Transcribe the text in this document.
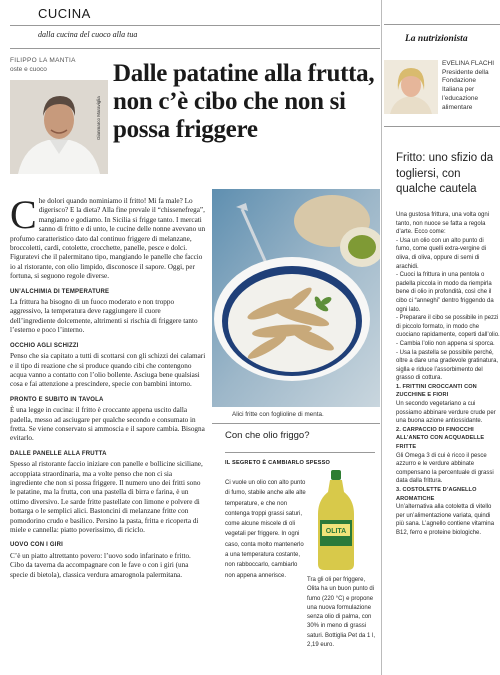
CUCINA
dalla cucina del cuoco alla tua
FILIPPO LA MANTIA
oste e cuoco
Gianmarco Maraviglia
Dalle patatine alla frutta, non c’è cibo che non si possa friggere
La nutrizionista
EVELINA FLACHI
Presidente della Fondazione Italiana per l’educazione alimentare
Fritto: uno sfizio da togliersi, con qualche cautela

Una gustosa frittura, una volta ogni tanto, non nuoce se fatta a regola d’arte. Ecco come:

- Usa un olio con un alto punto di fumo, come quelli extra-vergine di oliva, di oliva, oppure di semi di arachidi.

- Cuoci la frittura in una pentola o padella piccola in modo da riempirla bene di olio in profondità, così che il cibo ci “anneghi” dentro friggendo da ogni lato.

- Preparare il cibo se possibile in pezzi di piccolo formato, in modo che cuociano rapidamente, coperti dall’olio.

- Cambia l’olio non appena si sporca.

- Usa la pastella se possibile perché, oltre a dare una gradevole gratinatura, siglla e riduce l’assorbimento del grasso di cottura.

1. FRITTINI CROCCANTI CON ZUCCHINE E FIORI

Un secondo vegetariano a cui possiamo abbinare verdure crude per una buona azione antiossidante.

2. CARPACCIO DI FINOCCHI ALL’ANETO CON ACQUADELLE FRITTE

Gli Omega 3 di cui è ricco il pesce azzurro e le verdure abbinate compensano la percentuale di grassi data dalla frittura.

3. COSTOLETTE D’AGNELLO AROMATICHE

Un’alternativa alla cotoletta di vitello per un’alimentazione variata, quindi più sana. L’agnello contiene vitamina B12, ferro e proteine biologiche.

Che dolori quando nominiamo il fritto! Mi fa male? Lo digerisco? E la dieta? Alla fine prevale il “chissenefrega”, mangiamo e godiamo. In Sicilia si frigge tanto. I mercati sanno di fritto e di unto, le cucine delle nonne avevano un profumo caratteristico dato dal continuo friggere di melanzane, broccoletti, cardi, cotolette, crocchette, panelle, pesce e dolci. Figuratevi che il palermitano tipo, mangiando le panelle che faccio io al ristorante, con olio limpido, disconosce il sapore. Oggi, per fortuna, si seguono regole diverse.

UN’ALCHIMIA DI TEMPERATURE
La frittura ha bisogno di un fuoco moderato e non troppo aggressivo, la temperatura deve raggiungere il cuore dell’ingrediente dolcemente, altrimenti si rischia di friggere tanto l’esterno e poco l’interno.

OCCHIO AGLI SCHIZZI
Penso che sia capitato a tutti di scottarsi con gli schizzi dei calamari e il tipo di reazione che si produce quando cibi che contengono acqua vanno a contatto con l’olio bollente. Asciuga bene qualsiasi cosa e fai attenzione a prescindere, specie con bambini intorno.

PRONTO E SUBITO IN TAVOLA
È una legge in cucina: il fritto è croccante appena uscito dalla padella, messo ad asciugare per qualche secondo e consumato in fretta. Se viene conservato si ammoscia e il sapore cambia. Bisogna evitarlo.

DALLE PANELLE ALLA FRUTTA
Spesso al ristorante faccio iniziare con panelle e bollicine siciliane, accoppiata straordinaria, ma a volte penso che non ci sia ingrediente che non si possa friggere. Il numero uno dei fritti sono le patatine, ma la frutta, con una pastella di birra e farina, è un ottimo diversivo. Le sarde fritte pastellate con limone e polvere di bottarga o le semplici alici. Bastoncini di melanzane fritte con pomodorino crudo e basilico. Persino la pasta, fritta e ricoperta di miele e cannella: piatto poverissimo, di riciclo.

UOVO CON I GIRI
C’è un piatto altrettanto povero: l’uovo sodo infarinato e fritto. Cibo da taverna da accompagnare con le fave o con i giri (una specie di bietola), classica verdura amarognola palermitana.

Alici fritte con foglioline di menta.
Con che olio friggo?
IL SEGRETO È CAMBIARLO SPESSO
Ci vuole un olio con alto punto di fumo, stabile anche alle alte temperature, e che non contenga troppi grassi saturi, come alcune miscele di oli vegetali per friggere. In ogni caso, conta molto mantenerlo a una temperatura costante, non rabboccarlo, cambiarlo non appena annerisce.
OLITA
Tra gli oli per friggere, Olita ha un buon punto di fumo (220 °C) e propone una nuova formulazione senza olio di palma, con 30% in meno di grassi saturi. Bottiglia Pet da 1 l, 2,19 euro.
